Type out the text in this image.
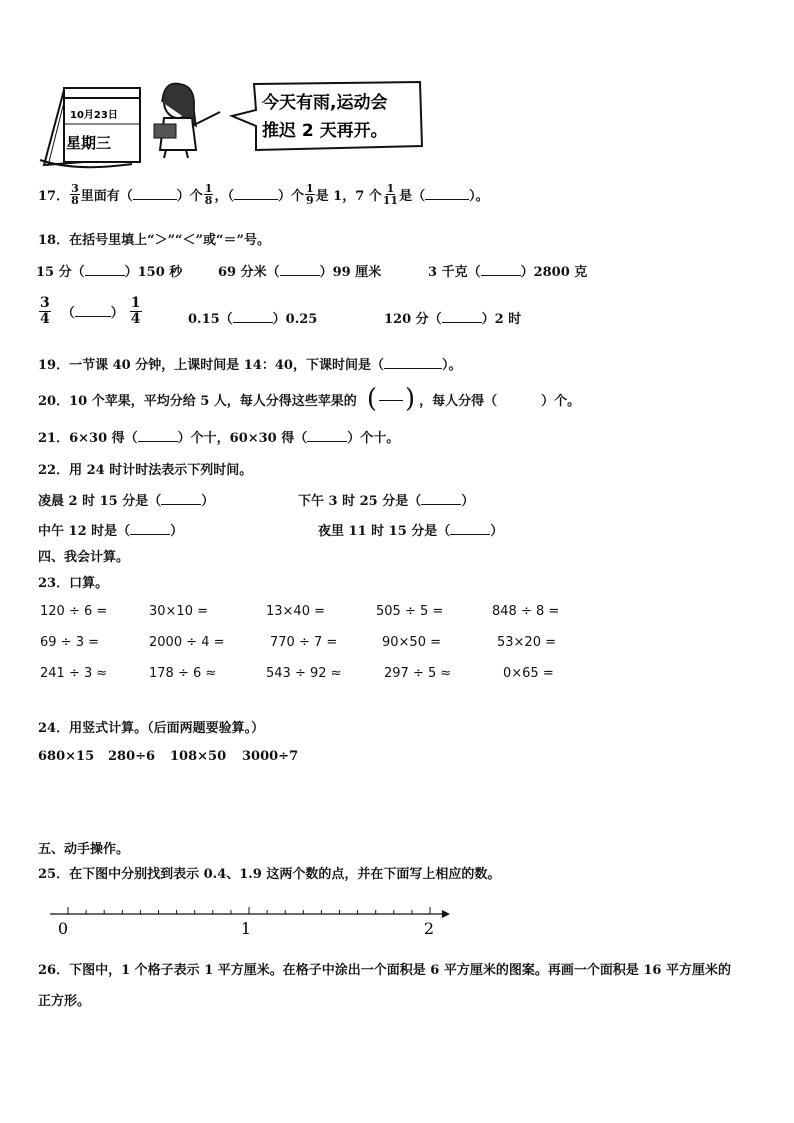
10月23日
星期三
今天有雨,运动会
推迟 2 天再开。
17． $\frac{3}{8}$ 里面有（	）个 $\frac{1}{8}$ ，（	）个 $\frac{1}{9}$ 是 1，7 个 $\frac{1}{11}$ 是（	）。
18．在括号里填上“＞”“＜”或“＝”号。
15 分（	）150 秒	69 分米（	）99 厘米	3 千克（	）2800 克
$\frac{3}{4}$ （	） $\frac{1}{4}$	0.15（	）0.25	120 分（	）2 时
19．一节课 40 分钟，上课时间是 14：40，下课时间是（	）。
20．10 个苹果，平均分给 5 人，每人分得这些苹果的 ( ) ，每人分得（	）个。
21．6×30 得（	）个十，60×30 得（	）个十。
22．用 24 时计时法表示下列时间。
凌晨 2 时 15 分是（	）	下午 3 时 25 分是（	）
中午 12 时是（	）	夜里 11 时 15 分是（	）
四、我会计算。
23．口算。
120 ÷ 6 =	30×10 =	13×40 =	505 ÷ 5 =	848 ÷ 8 =
69 ÷ 3 =	2000 ÷ 4 =	770 ÷ 7 =	90×50 =	53×20 =
241 ÷ 3 ≈	178 ÷ 6 ≈	543 ÷ 92 ≈	297 ÷ 5 ≈	0×65 =
24．用竖式计算。（后面两题要验算。）
680×15 280÷6 108×50 3000÷7
五、动手操作。
25．在下图中分别找到表示 0.4、1.9 这两个数的点，并在下面写上相应的数。
0	1	2
26．下图中，1 个格子表示 1 平方厘米。在格子中涂出一个面积是 6 平方厘米的图案。再画一个面积是 16 平方厘米的
正方形。
